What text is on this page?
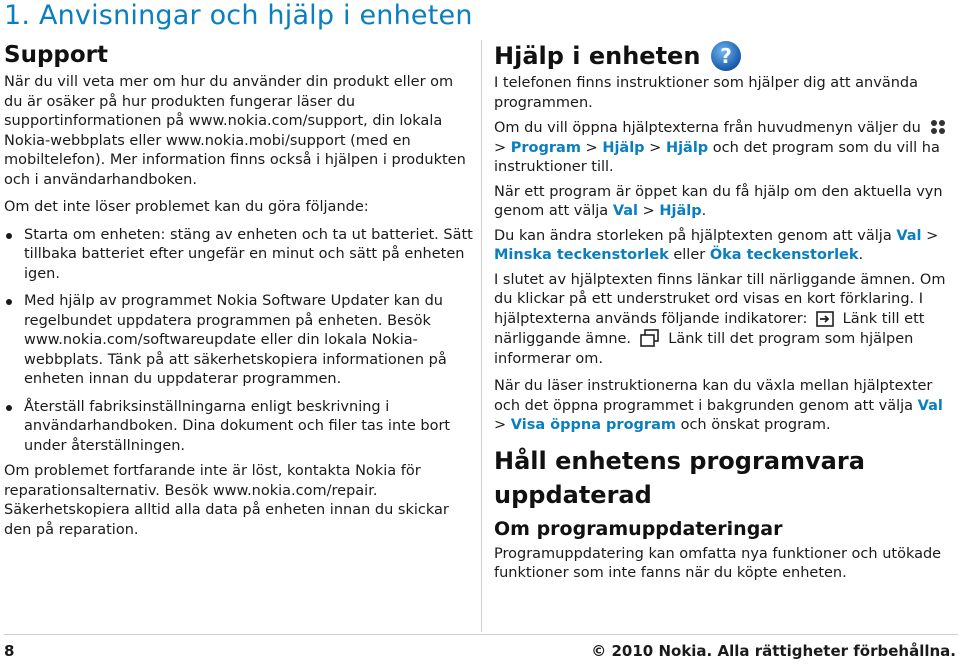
1. Anvisningar och hjälp i enheten
Support

När du vill veta mer om hur du använder din produkt eller om du är osäker på hur produkten fungerar läser du supportinformationen på www.nokia.com/support, din lokala Nokia-webbplats eller www.nokia.mobi/support (med en mobiltelefon). Mer information finns också i hjälpen i produkten och i användarhandboken.

Om det inte löser problemet kan du göra följande:

Starta om enheten: stäng av enheten och ta ut batteriet. Sätt tillbaka batteriet efter ungefär en minut och sätt på enheten igen.
Med hjälp av programmet Nokia Software Updater kan du regelbundet uppdatera programmen på enheten. Besök www.nokia.com/softwareupdate eller din lokala Nokia-webbplats. Tänk på att säkerhetskopiera informationen på enheten innan du uppdaterar programmen.
Återställ fabriksinställningarna enligt beskrivning i användarhandboken. Dina dokument och filer tas inte bort under återställningen.

Om problemet fortfarande inte är löst, kontakta Nokia för reparationsalternativ. Besök www.nokia.com/repair. Säkerhetskopiera alltid alla data på enheten innan du skickar den på reparation.

Hjälp i enheten ?

I telefonen finns instruktioner som hjälper dig att använda programmen.

Om du vill öppna hjälptexterna från huvudmenyn väljer du  > Program > Hjälp > Hjälp och det program som du vill ha instruktioner till.

När ett program är öppet kan du få hjälp om den aktuella vyn genom att välja Val > Hjälp.

Du kan ändra storleken på hjälptexten genom att välja Val > Minska teckenstorlek eller Öka teckenstorlek.

I slutet av hjälptexten finns länkar till närliggande ämnen. Om du klickar på ett understruket ord visas en kort förklaring. I hjälptexterna används följande indikatorer: Länk till ett närliggande ämne.	Länk till det program som hjälpen informerar om.

När du läser instruktionerna kan du växla mellan hjälptexter och det öppna programmet i bakgrunden genom att välja Val > Visa öppna program och önskat program.

Håll enhetens programvara uppdaterad
Om programuppdateringar

Programuppdatering kan omfatta nya funktioner och utökade funktioner som inte fanns när du köpte enheten.

8	© 2010 Nokia. Alla rättigheter förbehållna.
